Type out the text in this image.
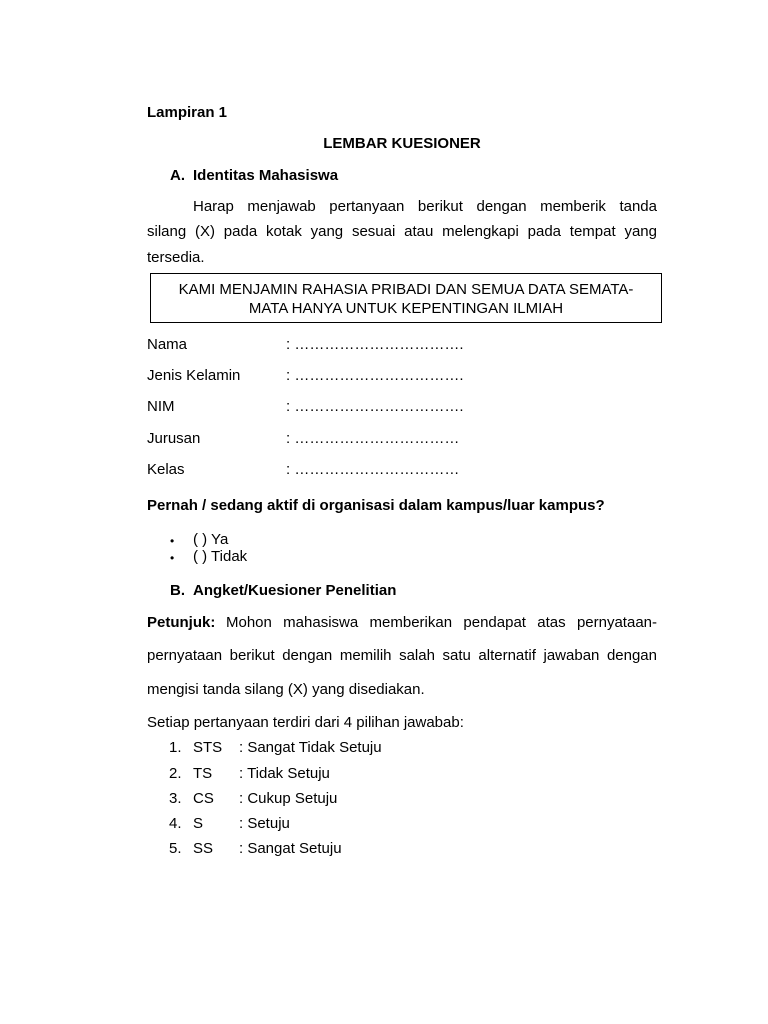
Lampiran 1
LEMBAR KUESIONER
A. Identitas Mahasiswa
Harap menjawab pertanyaan berikut dengan memberik tanda
silang (X) pada kotak yang sesuai atau melengkapi pada tempat yang
tersedia.
KAMI MENJAMIN RAHASIA PRIBADI DAN SEMUA DATA SEMATA-
MATA HANYA UNTUK KEPENTINGAN ILMIAH
Nama	: …………………………….
Jenis Kelamin	: …………………………….
NIM	: …………………………….
Jurusan	: ……………………………
Kelas	: ……………………………
Pernah / sedang aktif di organisasi dalam kampus/luar kampus?
• ( ) Ya
• ( ) Tidak
B. Angket/Kuesioner Penelitian
Petunjuk: Mohon mahasiswa memberikan pendapat atas pernyataan-
pernyataan berikut dengan memilih salah satu alternatif jawaban dengan
mengisi tanda silang (X) yang disediakan.
Setiap pertanyaan terdiri dari 4 pilihan jawabab:
1. STS : Sangat Tidak Setuju
2. TS : Tidak Setuju
3. CS : Cukup Setuju
4. S : Setuju
5. SS : Sangat Setuju
